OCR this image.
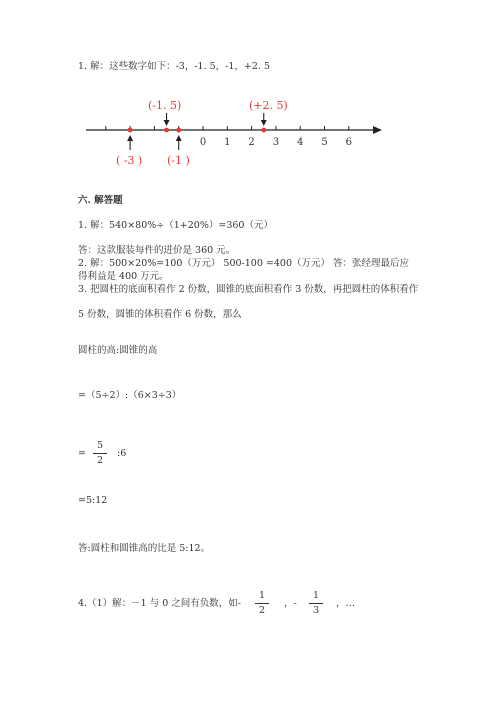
1. 解：这些数字如下：-3，-1. 5，-1，+2. 5
0 1 2 3 4 5 6
(-1. 5)	(+2. 5)
( -3 ) (-1 )
六. 解答题
1. 解：540×80%÷（1+20%）=360（元）
答：这款服装每件的进价是 360 元。
2. 解：500×20%=100（万元） 500-100 =400（万元） 答：张经理最后应
得利益是 400 万元。
3. 把圆柱的底面积看作 2 份数，圆锥的底面积看作 3 份数，再把圆柱的体积看作
5 份数，圆锥的体积看作 6 份数，那么
圆柱的高:圆锥的高
=（5÷2）:（6×3÷3）
=
5
2
:6
=5:12
答:圆柱和圆锥高的比是 5:12。
4.（1）解：－1 与 0 之间有负数，如-
1
2
，-
1
3
，…
